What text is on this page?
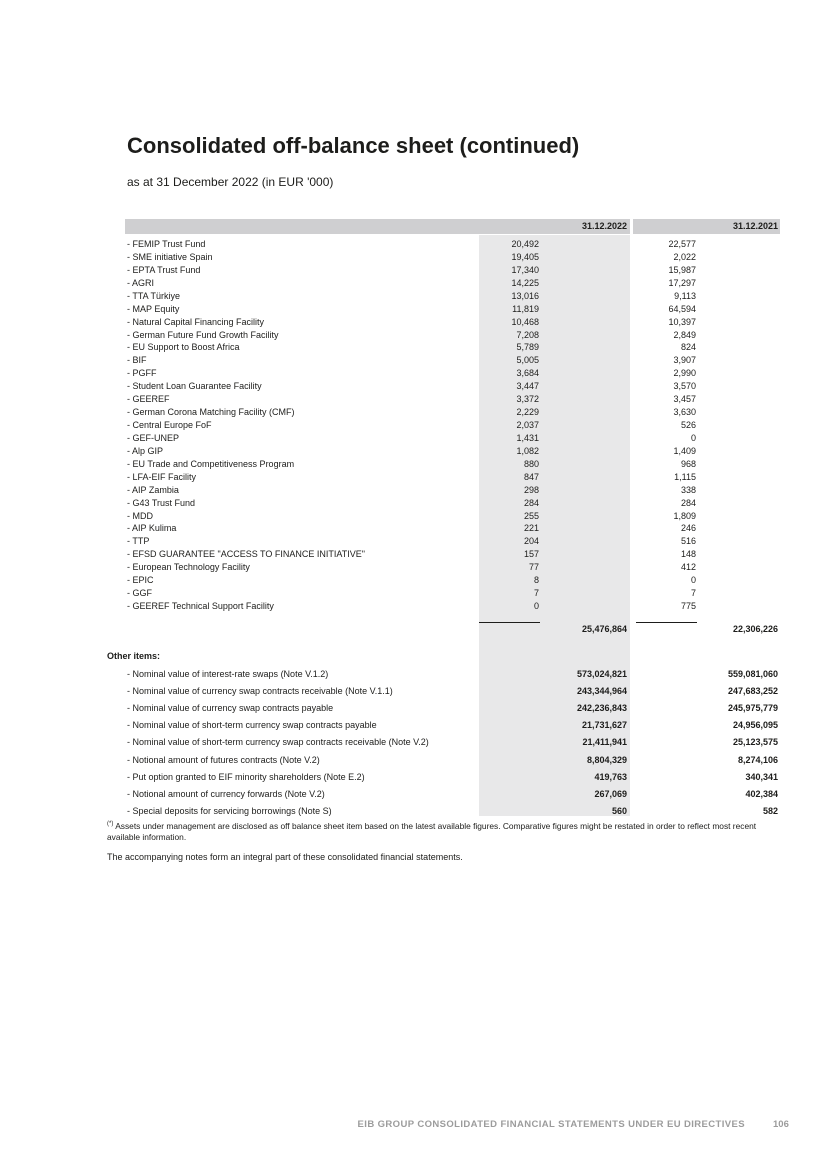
Consolidated off-balance sheet (continued)
as at 31 December 2022 (in EUR '000)
31.12.2022	31.12.2021
- FEMIP Trust Fund	20,492	22,577
- SME initiative Spain	19,405	2,022
- EPTA Trust Fund	17,340	15,987
- AGRI	14,225	17,297
- TTA Türkiye	13,016	9,113
- MAP Equity	11,819	64,594
- Natural Capital Financing Facility	10,468	10,397
- German Future Fund Growth Facility	7,208	2,849
- EU Support to Boost Africa	5,789	824
- BIF	5,005	3,907
- PGFF	3,684	2,990
- Student Loan Guarantee Facility	3,447	3,570
- GEEREF	3,372	3,457
- German Corona Matching Facility (CMF)	2,229	3,630
- Central Europe FoF	2,037	526
- GEF-UNEP	1,431	0
- Alp GIP	1,082	1,409
- EU Trade and Competitiveness Program	880	968
- LFA-EIF Facility	847	1,115
- AIP Zambia	298	338
- G43 Trust Fund	284	284
- MDD	255	1,809
- AIP Kulima	221	246
- TTP	204	516
- EFSD GUARANTEE "ACCESS TO FINANCE INITIATIVE"	157	148
- European Technology Facility	77	412
- EPIC	8	0
- GGF	7	7
- GEEREF Technical Support Facility	0	775
25,476,864	22,306,226
Other items:
- Nominal value of interest-rate swaps (Note V.1.2)	573,024,821	559,081,060
- Nominal value of currency swap contracts receivable (Note V.1.1)	243,344,964	247,683,252
- Nominal value of currency swap contracts payable	242,236,843	245,975,779
- Nominal value of short-term currency swap contracts payable	21,731,627	24,956,095
- Nominal value of short-term currency swap contracts receivable (Note V.2)	21,411,941	25,123,575
- Notional amount of futures contracts (Note V.2)	8,804,329	8,274,106
- Put option granted to EIF minority shareholders (Note E.2)	419,763	340,341
- Notional amount of currency forwards (Note V.2)	267,069	402,384
- Special deposits for servicing borrowings (Note S)	560	582
(*) Assets under management are disclosed as off balance sheet item based on the latest available figures. Comparative figures might be restated in order to reflect most recent available information.
The accompanying notes form an integral part of these consolidated financial statements.
EIB GROUP CONSOLIDATED FINANCIAL STATEMENTS UNDER EU DIRECTIVES	106
